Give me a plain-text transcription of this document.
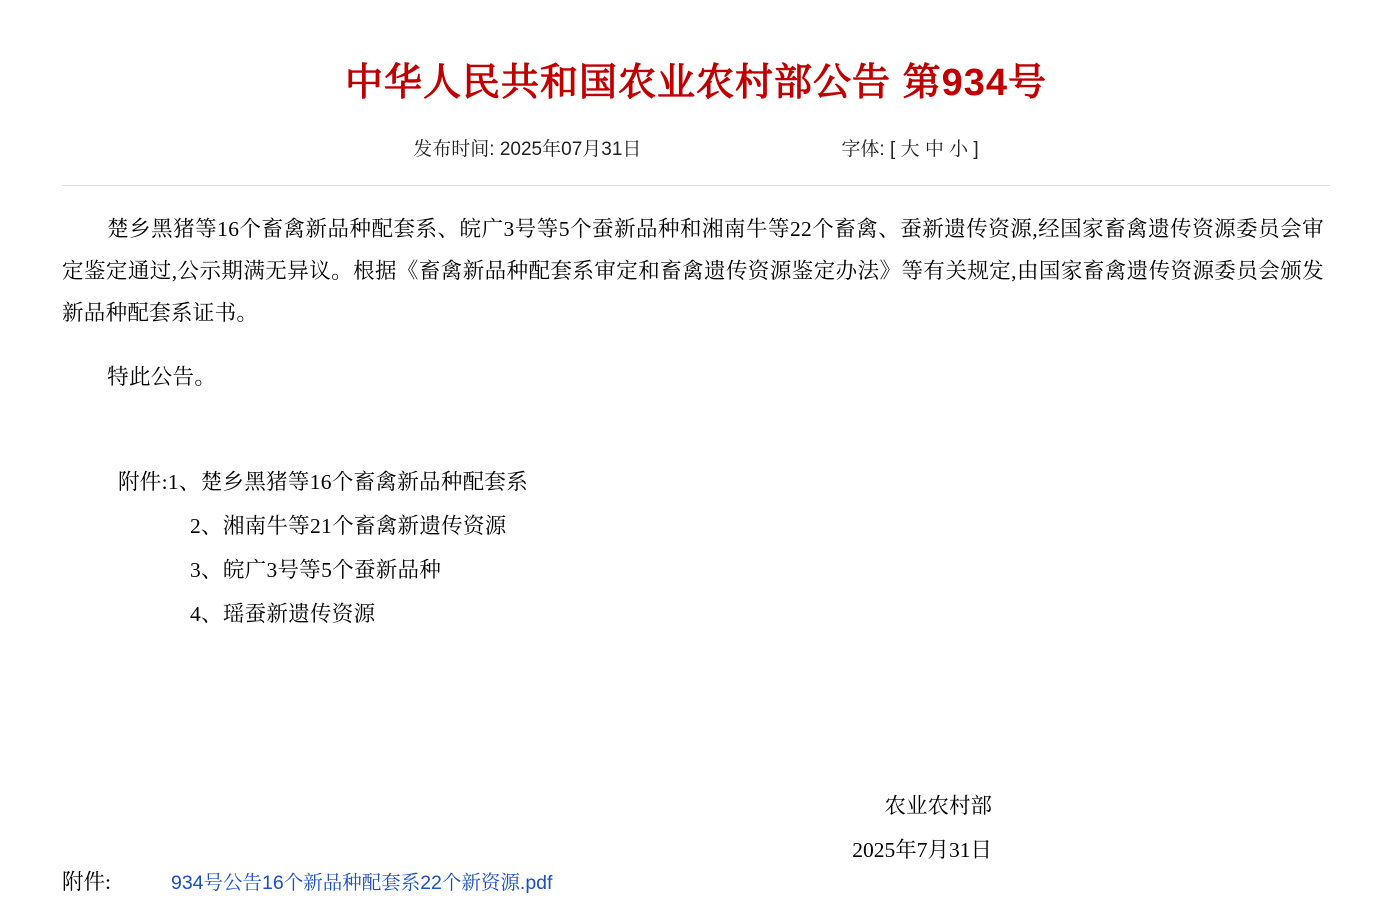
中华人民共和国农业农村部公告 第934号
发布时间: 2025年07月31日	字体: [ 大 中 小 ]

楚乡黑猪等16个畜禽新品种配套系、皖广3号等5个蚕新品种和湘南牛等22个畜禽、蚕新遗传资源,经国家畜禽遗传资源委员会审定鉴定通过,公示期满无异议。根据《畜禽新品种配套系审定和畜禽遗传资源鉴定办法》等有关规定,由国家畜禽遗传资源委员会颁发新品种配套系证书。

特此公告。

附件:1、楚乡黑猪等16个畜禽新品种配套系
2、湘南牛等21个畜禽新遗传资源
3、皖广3号等5个蚕新品种
4、瑶蚕新遗传资源
农业农村部
2025年7月31日
附件:	934号公告16个新品种配套系22个新资源.pdf
